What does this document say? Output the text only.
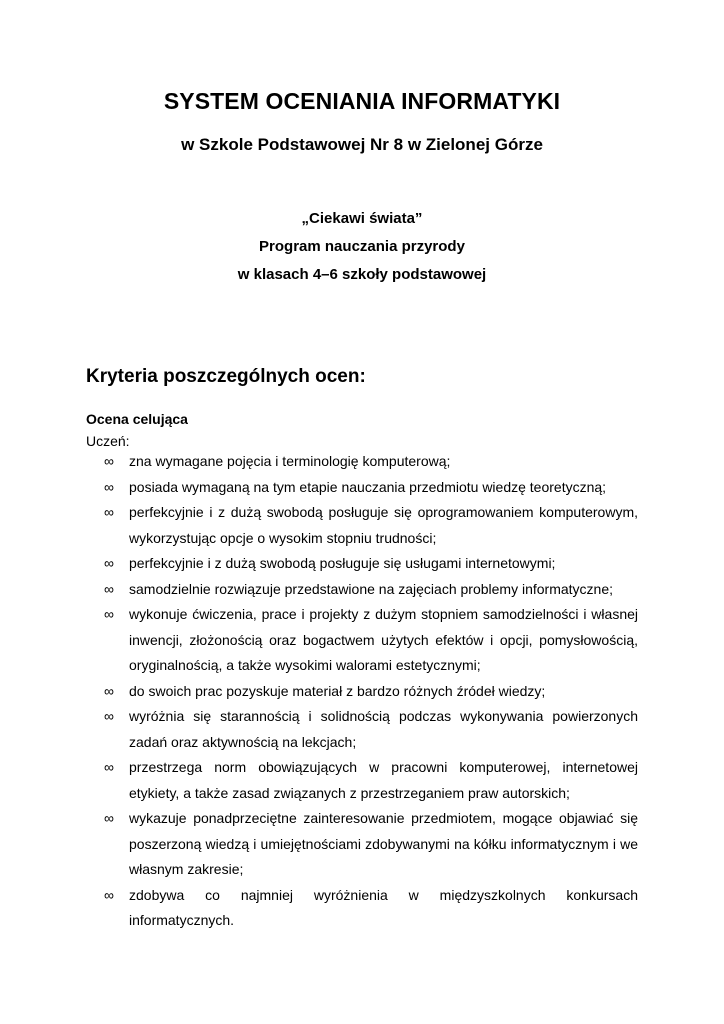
SYSTEM OCENIANIA INFORMATYKI
w Szkole Podstawowej Nr 8 w Zielonej Górze
„Ciekawi świata”
Program nauczania przyrody
w klasach 4–6 szkoły podstawowej
Kryteria poszczególnych ocen:
Ocena celująca
Uczeń:
∞	zna wymagane pojęcia i terminologię komputerową;
∞	posiada wymaganą na tym etapie nauczania przedmiotu wiedzę teoretyczną;
∞	perfekcyjnie i z dużą swobodą posługuje się oprogramowaniem komputerowym, wykorzystując opcje o wysokim stopniu trudności;
∞	perfekcyjnie i z dużą swobodą posługuje się usługami internetowymi;
∞	samodzielnie rozwiązuje przedstawione na zajęciach problemy informatyczne;
∞	wykonuje ćwiczenia, prace i projekty z dużym stopniem samodzielności i własnej inwencji, złożonością oraz bogactwem użytych efektów i opcji, pomysłowością, oryginalnością, a także wysokimi walorami estetycznymi;
∞	do swoich prac pozyskuje materiał z bardzo różnych źródeł wiedzy;
∞	wyróżnia się starannością i solidnością podczas wykonywania powierzonych zadań oraz aktywnością na lekcjach;
∞	przestrzega norm obowiązujących w pracowni komputerowej, internetowej etykiety, a także zasad związanych z przestrzeganiem praw autorskich;
∞	wykazuje ponadprzeciętne zainteresowanie przedmiotem, mogące objawiać się poszerzoną wiedzą i umiejętnościami zdobywanymi na kółku informatycznym i we własnym zakresie;
∞	zdobywa co najmniej wyróżnienia w międzyszkolnych konkursach informatycznych.
